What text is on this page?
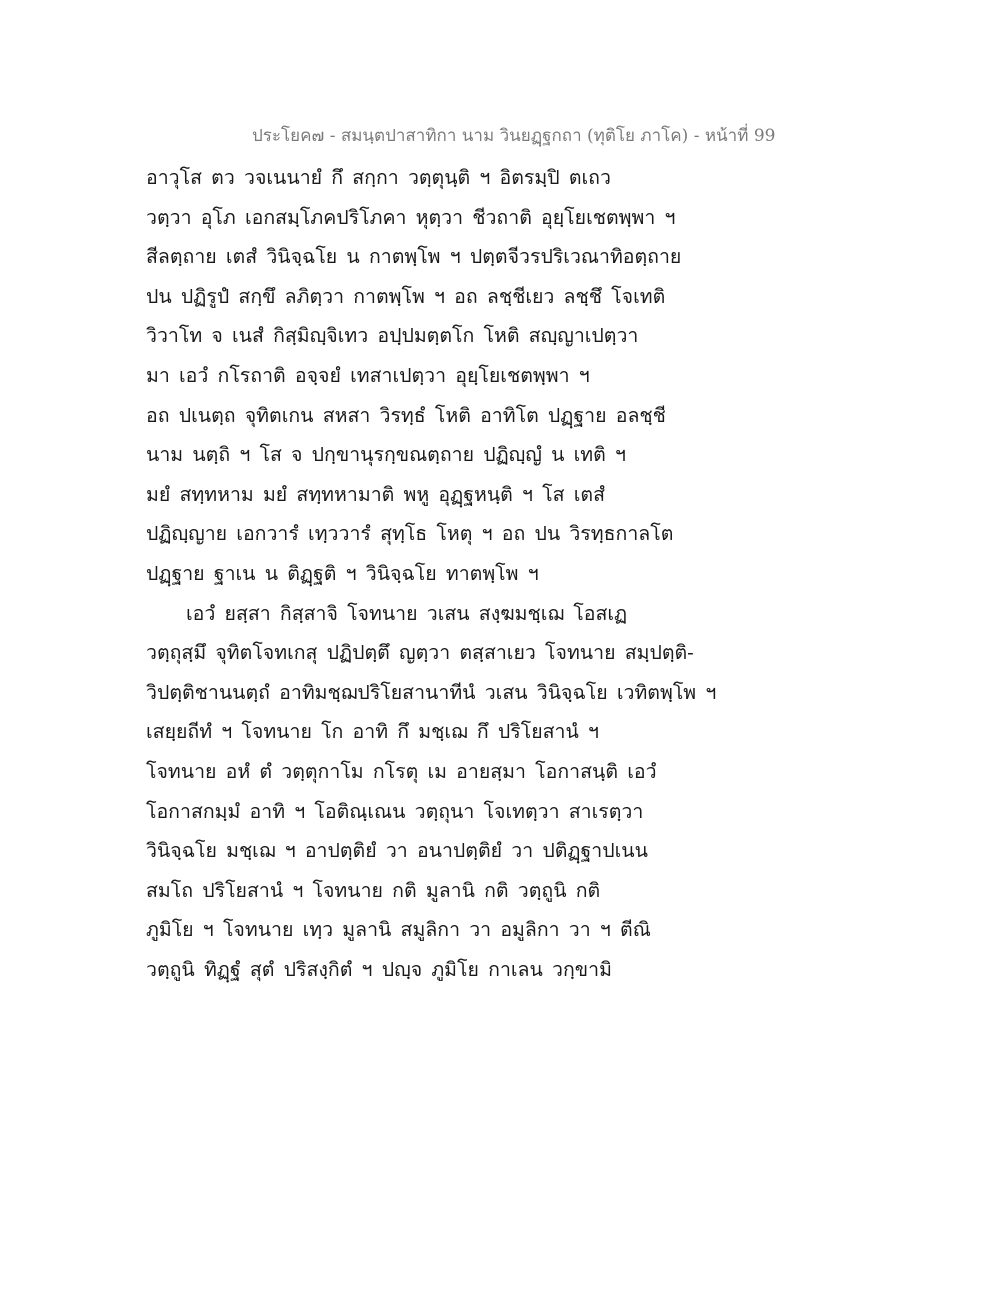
ประโยค๗ - สมนฺตปาสาทิกา นาม วินยฏฺฐกถา (ทุติโย ภาโค) - หน้าที่ 99
อาวุโส ตว วจเนนายํ กึ สกฺกา วตฺตุนฺติ ฯ อิตรมฺปิ ตเถว
วตฺวา อุโภ เอกสมฺโภคปริโภคา หุตฺวา ชีวถาติ อุยฺโยเชตพฺพา ฯ
สีลตฺถาย เตสํ วินิจฺฉโย น กาตพฺโพ ฯ ปตฺตจีวรปริเวณาทิอตฺถาย
ปน ปฏิรูปํ สกฺขึ ลภิตฺวา กาตพฺโพ ฯ อถ ลชฺชีเยว ลชฺชึ โจเทติ
วิวาโท จ เนสํ กิสฺมิญฺจิเทว อปฺปมตฺตโก โหติ สญฺญาเปตฺวา
มา เอวํ กโรถาติ อจฺจยํ เทสาเปตฺวา อุยฺโยเชตพฺพา ฯ
อถ ปเนตฺถ จุทิตเกน สหสา วิรทฺธํ โหติ อาทิโต ปฏฺฐาย อลชฺชี
นาม นตฺถิ ฯ โส จ ปกฺขานุรกฺขณตฺถาย ปฏิญฺญํ น เทติ ฯ
มยํ สทฺทหาม มยํ สทฺทหามาติ พหู อุฏฺฐหนฺติ ฯ โส เตสํ
ปฏิญฺญาย เอกวารํ เทฺววารํ สุทฺโธ โหตุ ฯ อถ ปน วิรทฺธกาลโต
ปฏฺฐาย ฐาเน น ติฏฺฐติ ฯ วินิจฺฉโย ทาตพฺโพ ฯ
เอวํ ยสฺสา กิสฺสาจิ โจทนาย วเสน สงฺฆมชฺเฌ โอสเฏ
วตฺถุสฺมึ จุทิตโจทเกสุ ปฏิปตฺตึ ญตฺวา ตสฺสาเยว โจทนาย สมฺปตฺติ-
วิปตฺติชานนตฺถํ อาทิมชฺฌปริโยสานาทีนํ วเสน วินิจฺฉโย เวทิตพฺโพ ฯ
เสยฺยถีทํ ฯ โจทนาย โก อาทิ กึ มชฺเฌ กึ ปริโยสานํ ฯ
โจทนาย อหํ ตํ วตฺตุกาโม กโรตุ เม อายสฺมา โอกาสนฺติ เอวํ
โอกาสกมฺมํ อาทิ ฯ โอติณฺเณน วตฺถุนา โจเทตฺวา สาเรตฺวา
วินิจฺฉโย มชฺเฌ ฯ อาปตฺติยํ วา อนาปตฺติยํ วา ปติฏฺฐาปเนน
สมโถ ปริโยสานํ ฯ โจทนาย กติ มูลานิ กติ วตฺถูนิ กติ
ภูมิโย ฯ โจทนาย เทฺว มูลานิ สมูลิกา วา อมูลิกา วา ฯ ตีณิ
วตฺถูนิ ทิฏฺฐํ สุตํ ปริสงฺกิตํ ฯ ปญฺจ ภูมิโย กาเลน วกฺขามิ
